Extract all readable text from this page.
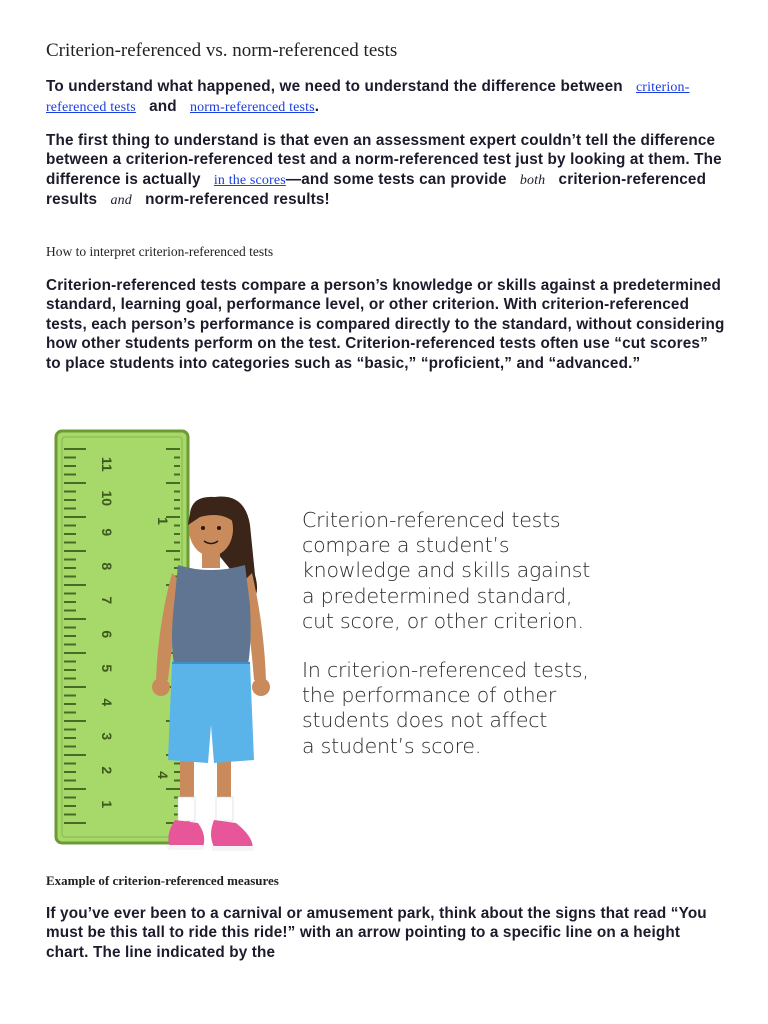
Criterion-referenced vs. norm-referenced tests
To understand what happened, we need to understand the difference between   criterion-referenced tests   and   norm-referenced tests.
The first thing to understand is that even an assessment expert couldn’t tell the difference between a criterion-referenced test and a norm-referenced test just by looking at them. The difference is actually   in the scores—and some tests can provide   both   criterion-referenced results   and   norm-referenced results!
How to interpret criterion-referenced tests
Criterion-referenced tests compare a person’s knowledge or skills against a predetermined standard, learning goal, performance level, or other criterion. With criterion-referenced tests, each person’s performance is compared directly to the standard, without considering how other students perform on the test. Criterion-referenced tests often use “cut scores” to place students into categories such as “basic,” “proficient,” and “advanced.”
1
2
3
4
5
6
7
8
9
10
11
1
4
Criterion-referenced tests
compare a student’s
knowledge and skills against
a predetermined standard,
cut score, or other criterion.
In criterion-referenced tests,
the performance of other
students does not affect
a student’s score.
Example of criterion-referenced measures
If you’ve ever been to a carnival or amusement park, think about the signs that read “You must be this tall to ride this ride!” with an arrow pointing to a specific line on a height chart. The line indicated by the
